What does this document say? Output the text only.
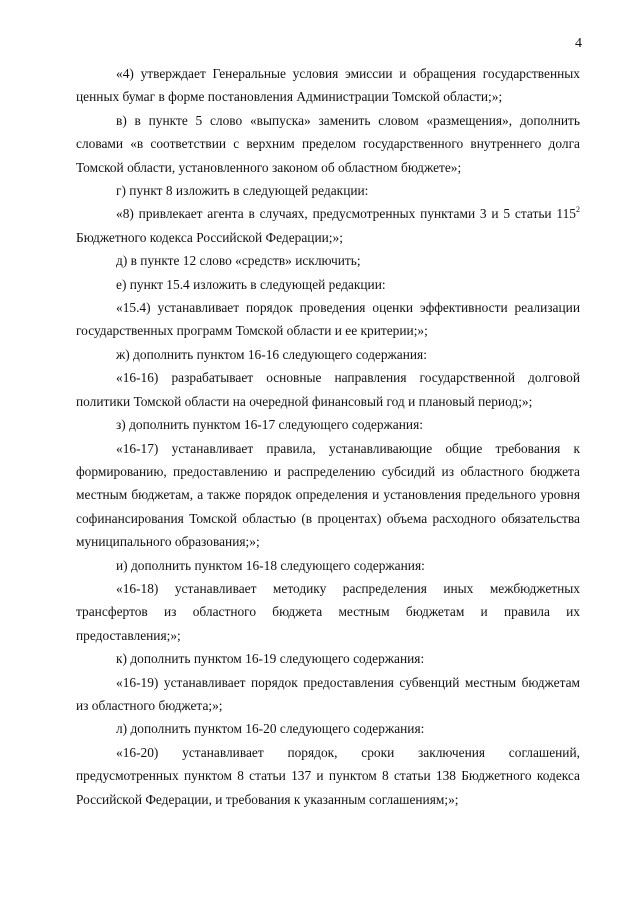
4

«4) утверждает Генеральные условия эмиссии и обращения государственных ценных бумаг в форме постановления Администрации Томской области;»;

в) в пункте 5 слово «выпуска» заменить словом «размещения», дополнить словами «в соответствии с верхним пределом государственного внутреннего долга Томской области, установленного законом об областном бюджете»;

г) пункт 8 изложить в следующей редакции:

«8) привлекает агента в случаях, предусмотренных пунктами 3 и 5 статьи $115^2$ Бюджетного кодекса Российской Федерации;»;

д) в пункте 12 слово «средств» исключить;

е) пункт 15.4 изложить в следующей редакции:

«15.4) устанавливает порядок проведения оценки эффективности реализации государственных программ Томской области и ее критерии;»;

ж) дополнить пунктом 16-16 следующего содержания:

«16-16) разрабатывает основные направления государственной долговой политики Томской области на очередной финансовый год и плановый период;»;

з) дополнить пунктом 16-17 следующего содержания:

«16-17) устанавливает правила, устанавливающие общие требования к формированию, предоставлению и распределению субсидий из областного бюджета местным бюджетам, а также порядок определения и установления предельного уровня софинансирования Томской областью (в процентах) объема расходного обязательства муниципального образования;»;

и) дополнить пунктом 16-18 следующего содержания:

«16-18) устанавливает методику распределения иных межбюджетных трансфертов из областного бюджета местным бюджетам и правила их предоставления;»;

к) дополнить пунктом 16-19 следующего содержания:

«16-19) устанавливает порядок предоставления субвенций местным бюджетам из областного бюджета;»;

л) дополнить пунктом 16-20 следующего содержания:

«16-20) устанавливает порядок, сроки заключения соглашений, предусмотренных пунктом 8 статьи 137 и пунктом 8 статьи 138 Бюджетного кодекса Российской Федерации, и требования к указанным соглашениям;»;
